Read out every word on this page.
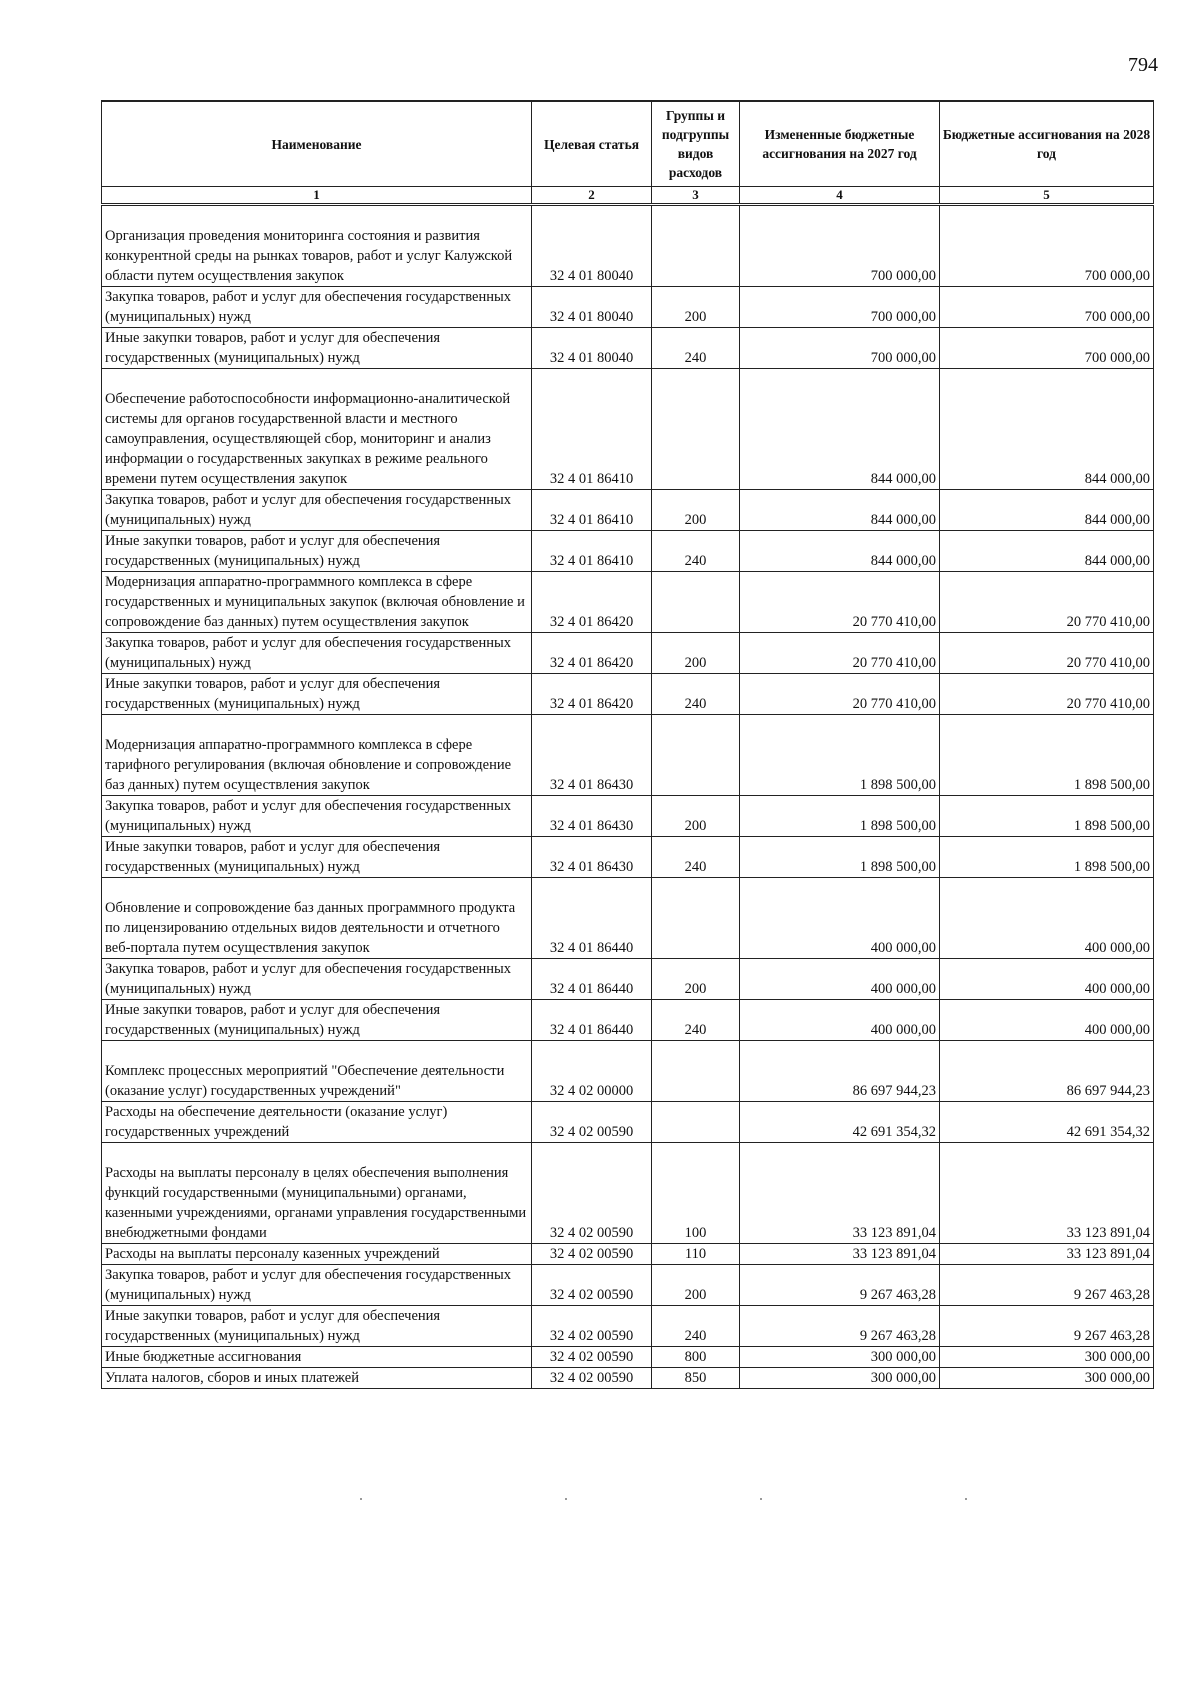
794
Наименование	Целевая статья	Группы и подгруппы видов расходов	Измененные бюджетные ассигнования на 2027 год	Бюджетные ассигнования на 2028 год
1	2	3	4	5
Организация проведения мониторинга состояния и развития конкурентной среды на рынках товаров, работ и услуг Калужской области путем осуществления закупок	32 4 01 80040		700 000,00	700 000,00
Закупка товаров, работ и услуг для обеспечения государственных (муниципальных) нужд	32 4 01 80040	200	700 000,00	700 000,00
Иные закупки товаров, работ и услуг для обеспечения государственных (муниципальных) нужд	32 4 01 80040	240	700 000,00	700 000,00
Обеспечение работоспособности информационно-аналитической системы для органов государственной власти и местного самоуправления, осуществляющей сбор, мониторинг и анализ информации о государственных закупках в режиме реального времени путем осуществления закупок	32 4 01 86410		844 000,00	844 000,00
Закупка товаров, работ и услуг для обеспечения государственных (муниципальных) нужд	32 4 01 86410	200	844 000,00	844 000,00
Иные закупки товаров, работ и услуг для обеспечения государственных (муниципальных) нужд	32 4 01 86410	240	844 000,00	844 000,00
Модернизация аппаратно-программного комплекса в сфере государственных и муниципальных закупок (включая обновление и сопровождение баз данных) путем осуществления закупок	32 4 01 86420		20 770 410,00	20 770 410,00
Закупка товаров, работ и услуг для обеспечения государственных (муниципальных) нужд	32 4 01 86420	200	20 770 410,00	20 770 410,00
Иные закупки товаров, работ и услуг для обеспечения государственных (муниципальных) нужд	32 4 01 86420	240	20 770 410,00	20 770 410,00
Модернизация аппаратно-программного комплекса в сфере тарифного регулирования (включая обновление и сопровождение баз данных) путем осуществления закупок	32 4 01 86430		1 898 500,00	1 898 500,00
Закупка товаров, работ и услуг для обеспечения государственных (муниципальных) нужд	32 4 01 86430	200	1 898 500,00	1 898 500,00
Иные закупки товаров, работ и услуг для обеспечения государственных (муниципальных) нужд	32 4 01 86430	240	1 898 500,00	1 898 500,00
Обновление и сопровождение баз данных программного продукта по лицензированию отдельных видов деятельности и отчетного веб-портала путем осуществления закупок	32 4 01 86440		400 000,00	400 000,00
Закупка товаров, работ и услуг для обеспечения государственных (муниципальных) нужд	32 4 01 86440	200	400 000,00	400 000,00
Иные закупки товаров, работ и услуг для обеспечения государственных (муниципальных) нужд	32 4 01 86440	240	400 000,00	400 000,00
Комплекс процессных мероприятий "Обеспечение деятельности (оказание услуг) государственных учреждений"	32 4 02 00000		86 697 944,23	86 697 944,23
Расходы на обеспечение деятельности (оказание услуг) государственных учреждений	32 4 02 00590		42 691 354,32	42 691 354,32
Расходы на выплаты персоналу в целях обеспечения выполнения функций государственными (муниципальными) органами, казенными учреждениями, органами управления государственными внебюджетными фондами	32 4 02 00590	100	33 123 891,04	33 123 891,04
Расходы на выплаты персоналу казенных учреждений	32 4 02 00590	110	33 123 891,04	33 123 891,04
Закупка товаров, работ и услуг для обеспечения государственных (муниципальных) нужд	32 4 02 00590	200	9 267 463,28	9 267 463,28
Иные закупки товаров, работ и услуг для обеспечения государственных (муниципальных) нужд	32 4 02 00590	240	9 267 463,28	9 267 463,28
Иные бюджетные ассигнования	32 4 02 00590	800	300 000,00	300 000,00
Уплата налогов, сборов и иных платежей	32 4 02 00590	850	300 000,00	300 000,00
